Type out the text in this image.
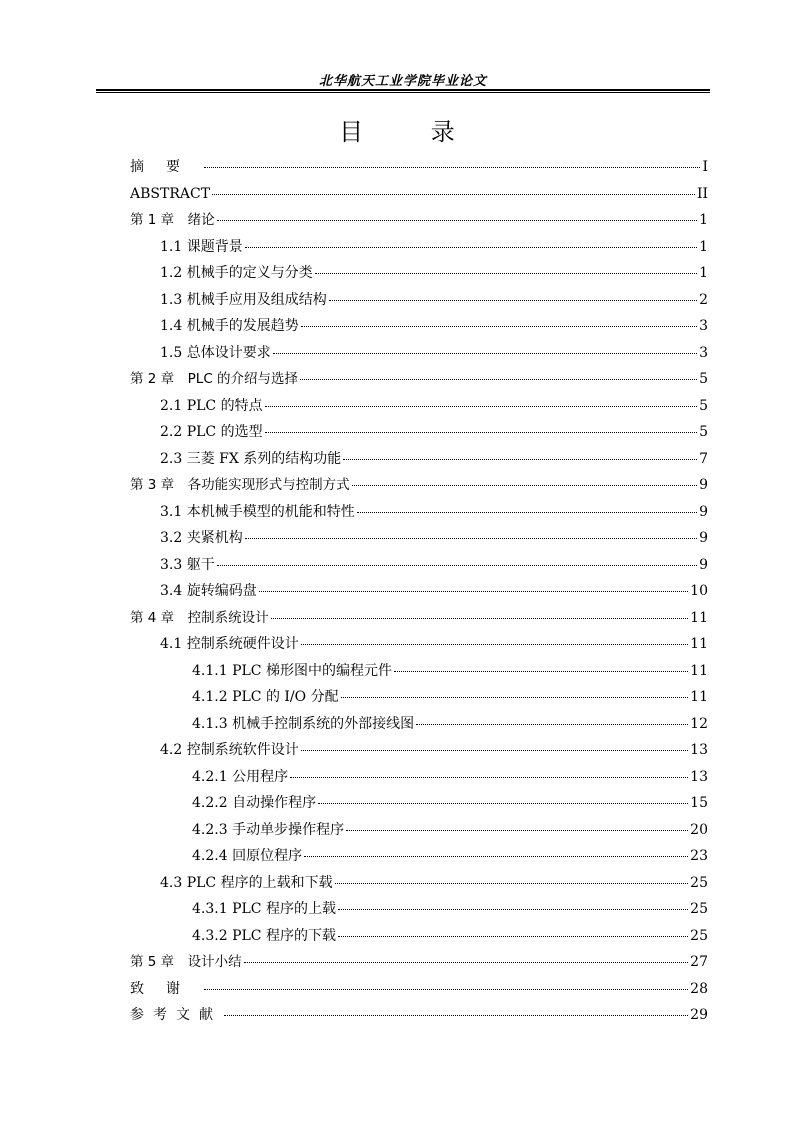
北华航天工业学院毕业论文
目 录
摘要	I
ABSTRACT	II
第 1 章　绪论	1
1.1 课题背景	1
1.2 机械手的定义与分类	1
1.3 机械手应用及组成结构	2
1.4 机械手的发展趋势	3
1.5 总体设计要求	3
第 2 章　PLC 的介绍与选择	5
2.1 PLC 的特点	5
2.2 PLC 的选型	5
2.3 三菱 FX 系列的结构功能	7
第 3 章　各功能实现形式与控制方式	9
3.1 本机械手模型的机能和特性	9
3.2 夹紧机构	9
3.3 躯干	9
3.4 旋转编码盘	10
第 4 章　控制系统设计	11
4.1 控制系统硬件设计	11
4.1.1 PLC 梯形图中的编程元件	11
4.1.2 PLC 的 I/O 分配	11
4.1.3 机械手控制系统的外部接线图	12
4.2 控制系统软件设计	13
4.2.1 公用程序	13
4.2.2 自动操作程序	15
4.2.3 手动单步操作程序	20
4.2.4 回原位程序	23
4.3 PLC 程序的上载和下载	25
4.3.1 PLC 程序的上载	25
4.3.2 PLC 程序的下载	25
第 5 章　设计小结	27
致谢	28
参考文献	29
